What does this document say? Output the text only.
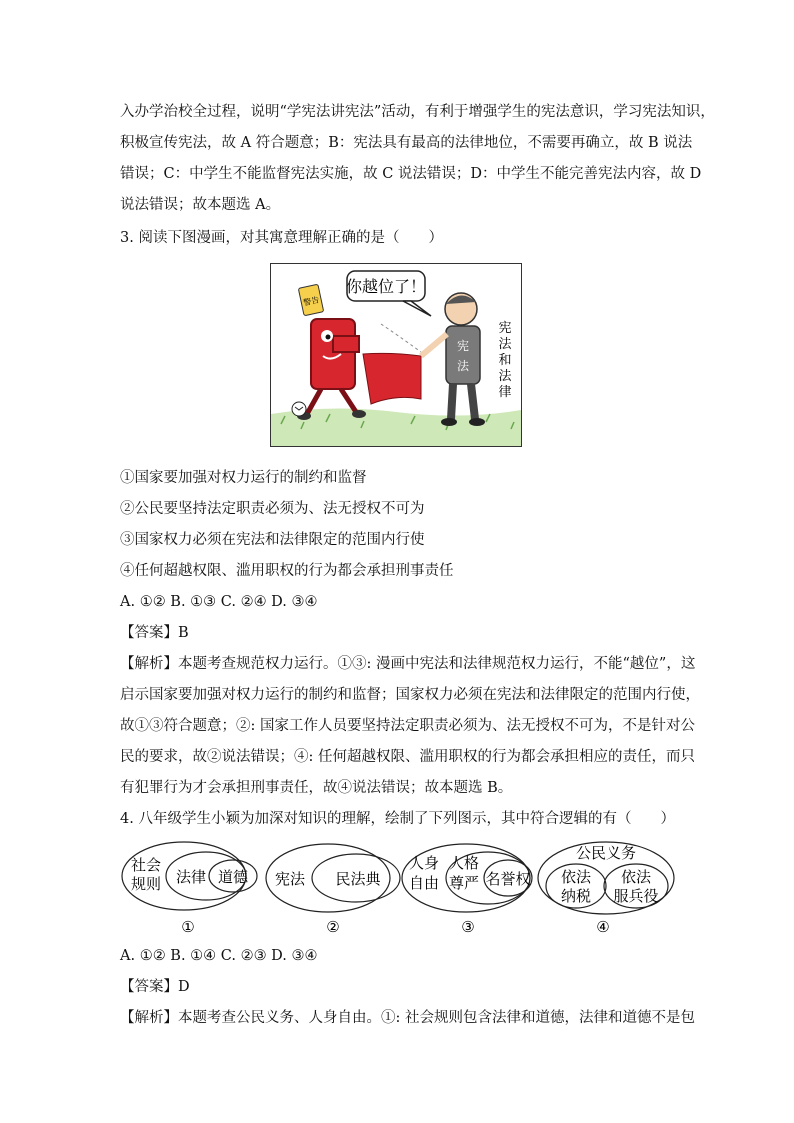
入办学治校全过程，说明“学宪法讲宪法”活动，有利于增强学生的宪法意识，学习宪法知识，
积极宣传宪法，故 A 符合题意；B：宪法具有最高的法律地位，不需要再确立，故 B 说法
错误；C：中学生不能监督宪法实施，故 C 说法错误；D：中学生不能完善宪法内容，故 D
说法错误；故本题选 A。
3. 阅读下图漫画，对其寓意理解正确的是（　　）
你越位了！
警告
宪
法
宪
法
和
法
律
①国家要加强对权力运行的制约和监督
②公民要坚持法定职责必须为、法无授权不可为
③国家权力必须在宪法和法律限定的范围内行使
④任何超越权限、滥用职权的行为都会承担刑事责任
A. ①② B. ①③ C. ②④ D. ③④
【答案】B
【解析】本题考查规范权力运行。①③: 漫画中宪法和法律规范权力运行，不能“越位”，这
启示国家要加强对权力运行的制约和监督；国家权力必须在宪法和法律限定的范围内行使，
故①③符合题意；②: 国家工作人员要坚持法定职责必须为、法无授权不可为，不是针对公
民的要求，故②说法错误；④: 任何超越权限、滥用职权的行为都会承担相应的责任，而只
有犯罪行为才会承担刑事责任，故④说法错误；故本题选 B。
4. 八年级学生小颖为加深对知识的理解，绘制了下列图示，其中符合逻辑的有（　　）
社会
规则 法律 道德
①
宪法 民法典
②
人身
自由
人格
尊严 名誉权
③
公民义务
依法
纳税
依法
服兵役
④
A. ①② B. ①④ C. ②③ D. ③④
【答案】D
【解析】本题考查公民义务、人身自由。①: 社会规则包含法律和道德，法律和道德不是包
